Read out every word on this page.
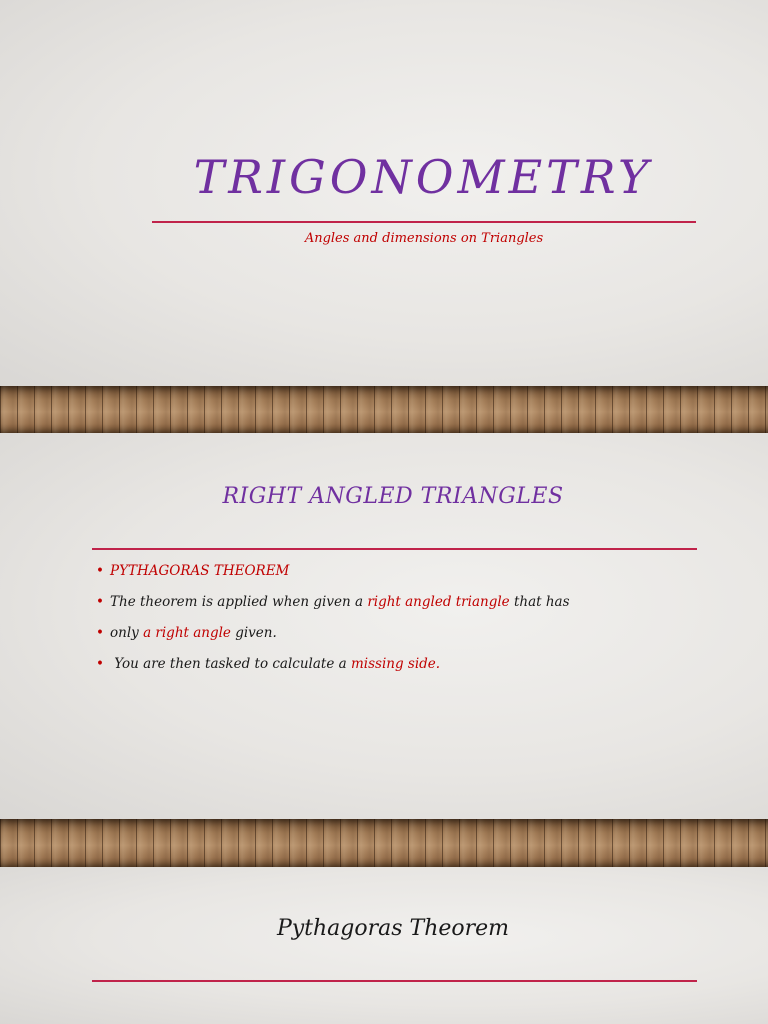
TRIGONOMETRY
Angles and dimensions on Triangles
RIGHT ANGLED TRIANGLES
• PYTHAGORAS THEOREM
• The theorem is applied when given a right angled triangle that has
• only a right angle given.
• You are then tasked to calculate a missing side.
Pythagoras Theorem
